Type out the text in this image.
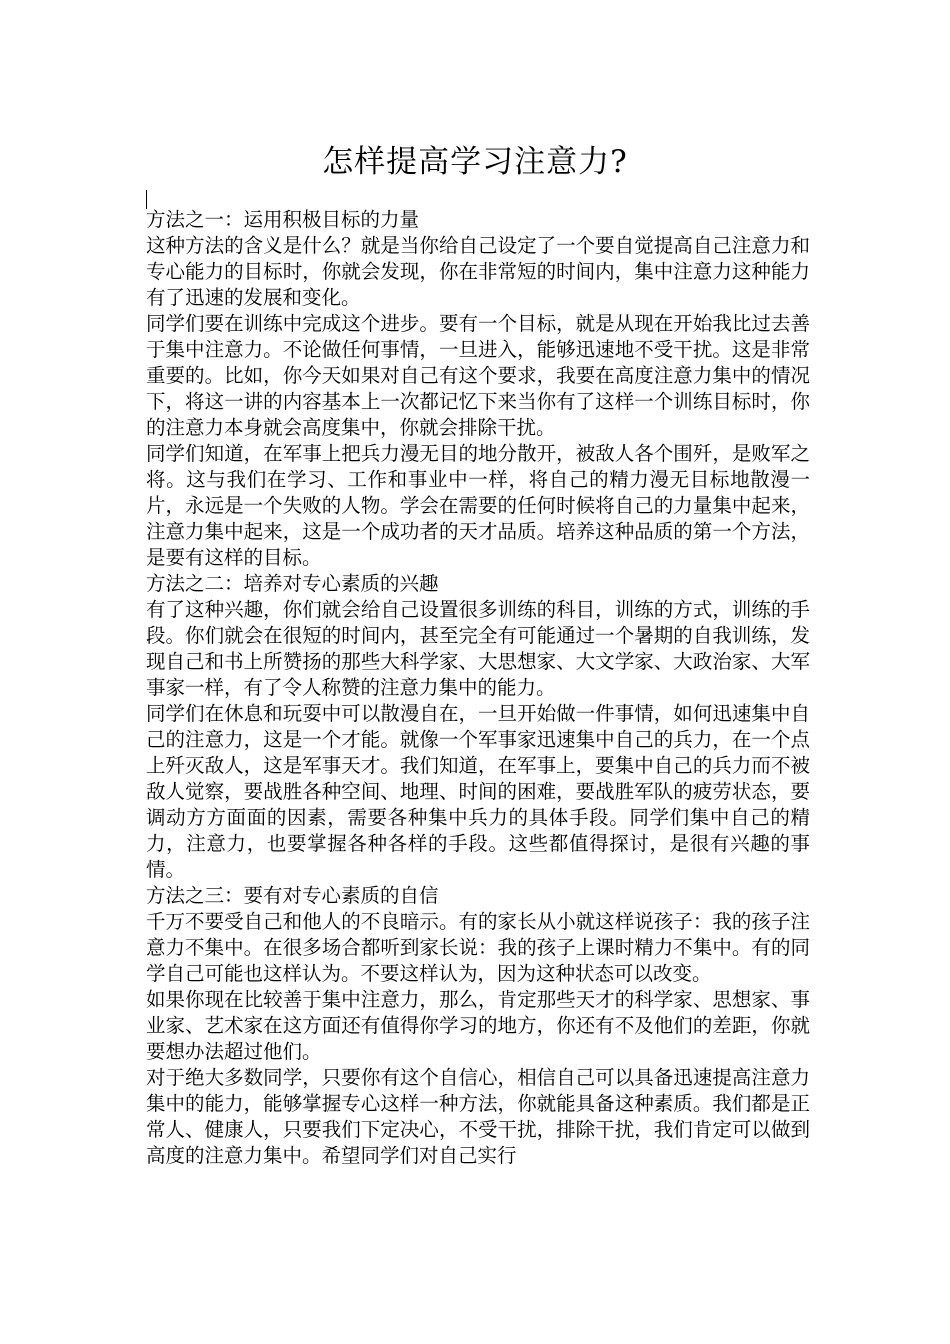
怎样提高学习注意力?

方法之一：运用积极目标的力量

这种方法的含义是什么？就是当你给自己设定了一个要自觉提高自己注意力和专心能力的目标时，你就会发现，你在非常短的时间内，集中注意力这种能力有了迅速的发展和变化。

同学们要在训练中完成这个进步。要有一个目标，就是从现在开始我比过去善于集中注意力。不论做任何事情，一旦进入，能够迅速地不受干扰。这是非常重要的。比如，你今天如果对自己有这个要求，我要在高度注意力集中的情况下，将这一讲的内容基本上一次都记忆下来当你有了这样一个训练目标时，你的注意力本身就会高度集中，你就会排除干扰。

同学们知道，在军事上把兵力漫无目的地分散开，被敌人各个围歼，是败军之将。这与我们在学习、工作和事业中一样，将自己的精力漫无目标地散漫一片，永远是一个失败的人物。学会在需要的任何时候将自己的力量集中起来，注意力集中起来，这是一个成功者的天才品质。培养这种品质的第一个方法，是要有这样的目标。

方法之二：培养对专心素质的兴趣

有了这种兴趣，你们就会给自己设置很多训练的科目，训练的方式，训练的手段。你们就会在很短的时间内，甚至完全有可能通过一个暑期的自我训练，发现自己和书上所赞扬的那些大科学家、大思想家、大文学家、大政治家、大军事家一样，有了令人称赞的注意力集中的能力。

同学们在休息和玩耍中可以散漫自在，一旦开始做一件事情，如何迅速集中自己的注意力，这是一个才能。就像一个军事家迅速集中自己的兵力，在一个点上歼灭敌人，这是军事天才。我们知道，在军事上，要集中自己的兵力而不被敌人觉察，要战胜各种空间、地理、时间的困难，要战胜军队的疲劳状态，要调动方方面面的因素，需要各种集中兵力的具体手段。同学们集中自己的精力，注意力，也要掌握各种各样的手段。这些都值得探讨，是很有兴趣的事情。

方法之三：要有对专心素质的自信

千万不要受自己和他人的不良暗示。有的家长从小就这样说孩子：我的孩子注意力不集中。在很多场合都听到家长说：我的孩子上课时精力不集中。有的同学自己可能也这样认为。不要这样认为，因为这种状态可以改变。

如果你现在比较善于集中注意力，那么，肯定那些天才的科学家、思想家、事业家、艺术家在这方面还有值得你学习的地方，你还有不及他们的差距，你就要想办法超过他们。

对于绝大多数同学，只要你有这个自信心，相信自己可以具备迅速提高注意力集中的能力，能够掌握专心这样一种方法，你就能具备这种素质。我们都是正常人、健康人，只要我们下定决心，不受干扰，排除干扰，我们肯定可以做到高度的注意力集中。希望同学们对自己实行
